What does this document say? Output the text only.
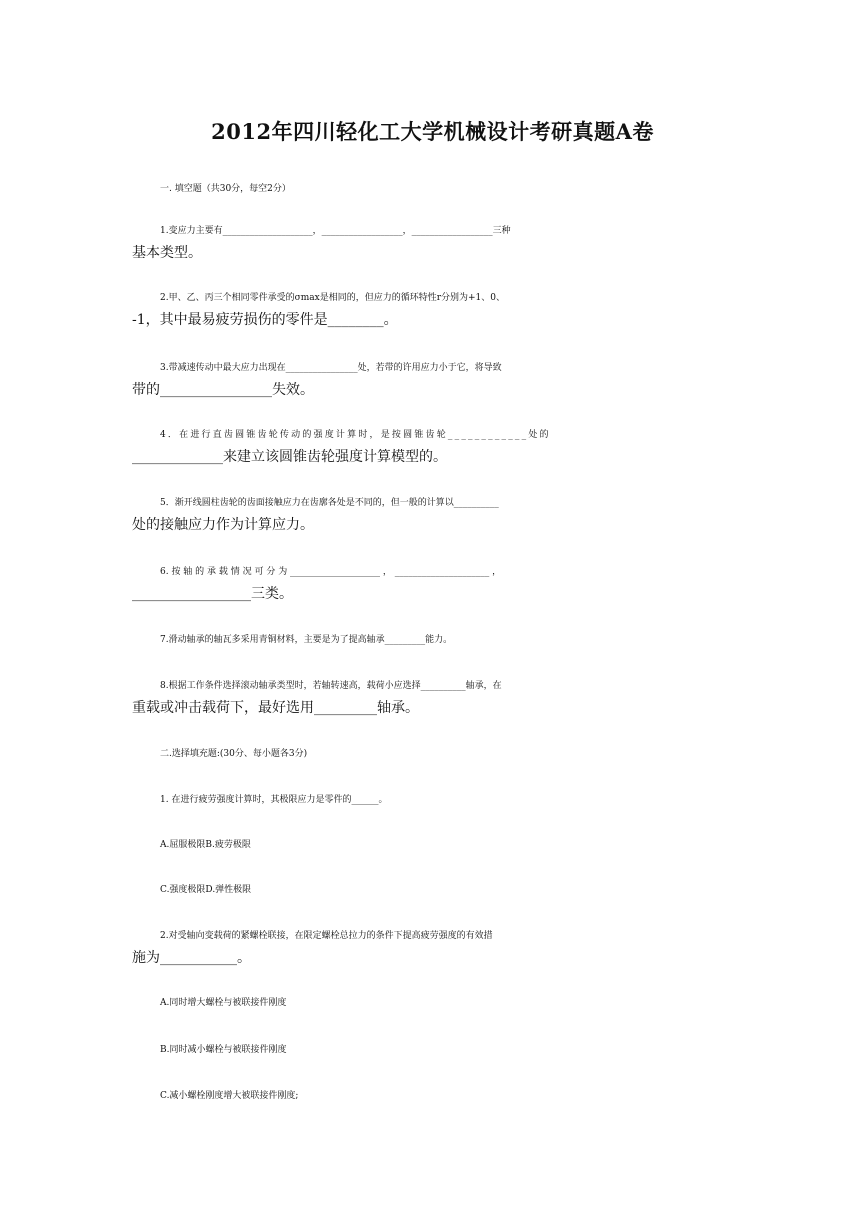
2012年四川轻化工大学机械设计考研真题A卷
一. 填空题（共30分，每空2分）
1.变应力主要有____________________，__________________，__________________三种
基本类型。
2.甲、乙、丙三个相同零件承受的σmax是相同的，但应力的循环特性r分别为+1、0、
-1，其中最易疲劳损伤的零件是________。
3.带减速传动中最大应力出现在________________处，若带的许用应力小于它，将导致
带的________________失效。
4．在进行直齿圆锥齿轮传动的强度计算时，是按圆锥齿轮____________处的
_____________来建立该圆锥齿轮强度计算模型的。
5．渐开线圆柱齿轮的齿面接触应力在齿廓各处是不同的，但一般的计算以__________
处的接触应力作为计算应力。
6. 按 轴 的 承 载 情 况 可 分 为 ____________________ ， _____________________ ，
_________________三类。
7.滑动轴承的轴瓦多采用青铜材料，主要是为了提高轴承_________能力。
8.根据工作条件选择滚动轴承类型时，若轴转速高，载荷小应选择__________轴承，在
重载或冲击载荷下，最好选用_________轴承。
二.选择填充题:(30分、每小题各3分)
1. 在进行疲劳强度计算时，其极限应力是零件的______。
A.屈服极限B.疲劳极限
C.强度极限D.弹性极限
2.对受轴向变载荷的紧螺栓联接，在限定螺栓总拉力的条件下提高疲劳强度的有效措
施为___________。
A.同时增大螺栓与被联接件刚度
B.同时减小螺栓与被联接件刚度
C.减小螺栓刚度增大被联接件刚度;
